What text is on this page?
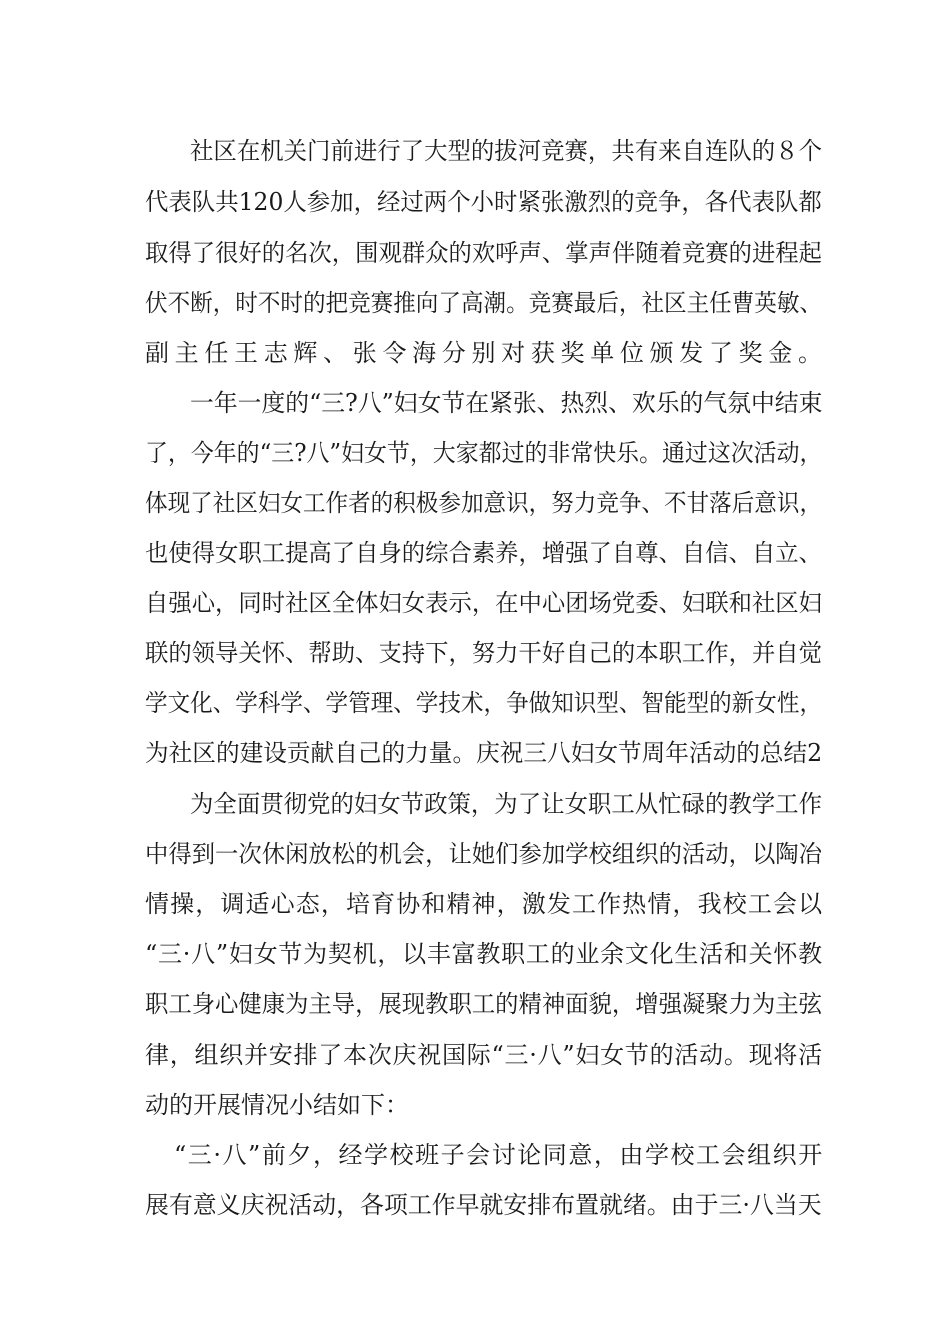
社区在机关门前进行了大型的拔河竞赛，共有来自连队的８个
代表队共120人参加，经过两个小时紧张激烈的竞争，各代表队都
取得了很好的名次，围观群众的欢呼声、掌声伴随着竞赛的进程起
伏不断，时不时的把竞赛推向了高潮。竞赛最后，社区主任曹英敏、
副主任王志辉、张令海分别对获奖单位颁发了奖金。
一年一度的“三?八”妇女节在紧张、热烈、欢乐的气氛中结束
了，今年的“三?八”妇女节，大家都过的非常快乐。通过这次活动，
体现了社区妇女工作者的积极参加意识，努力竞争、不甘落后意识，
也使得女职工提高了自身的综合素养，增强了自尊、自信、自立、
自强心，同时社区全体妇女表示，在中心团场党委、妇联和社区妇
联的领导关怀、帮助、支持下，努力干好自己的本职工作，并自觉
学文化、学科学、学管理、学技术，争做知识型、智能型的新女性，
为社区的建设贡献自己的力量。庆祝三八妇女节周年活动的总结2
为全面贯彻党的妇女节政策，为了让女职工从忙碌的教学工作
中得到一次休闲放松的机会，让她们参加学校组织的活动，以陶冶
情操，调适心态，培育协和精神，激发工作热情，我校工会以
“三·八”妇女节为契机，以丰富教职工的业余文化生活和关怀教
职工身心健康为主导，展现教职工的精神面貌，增强凝聚力为主弦
律，组织并安排了本次庆祝国际“三·八”妇女节的活动。现将活
动的开展情况小结如下：
“三·八”前夕，经学校班子会讨论同意，由学校工会组织开
展有意义庆祝活动，各项工作早就安排布置就绪。由于三·八当天
